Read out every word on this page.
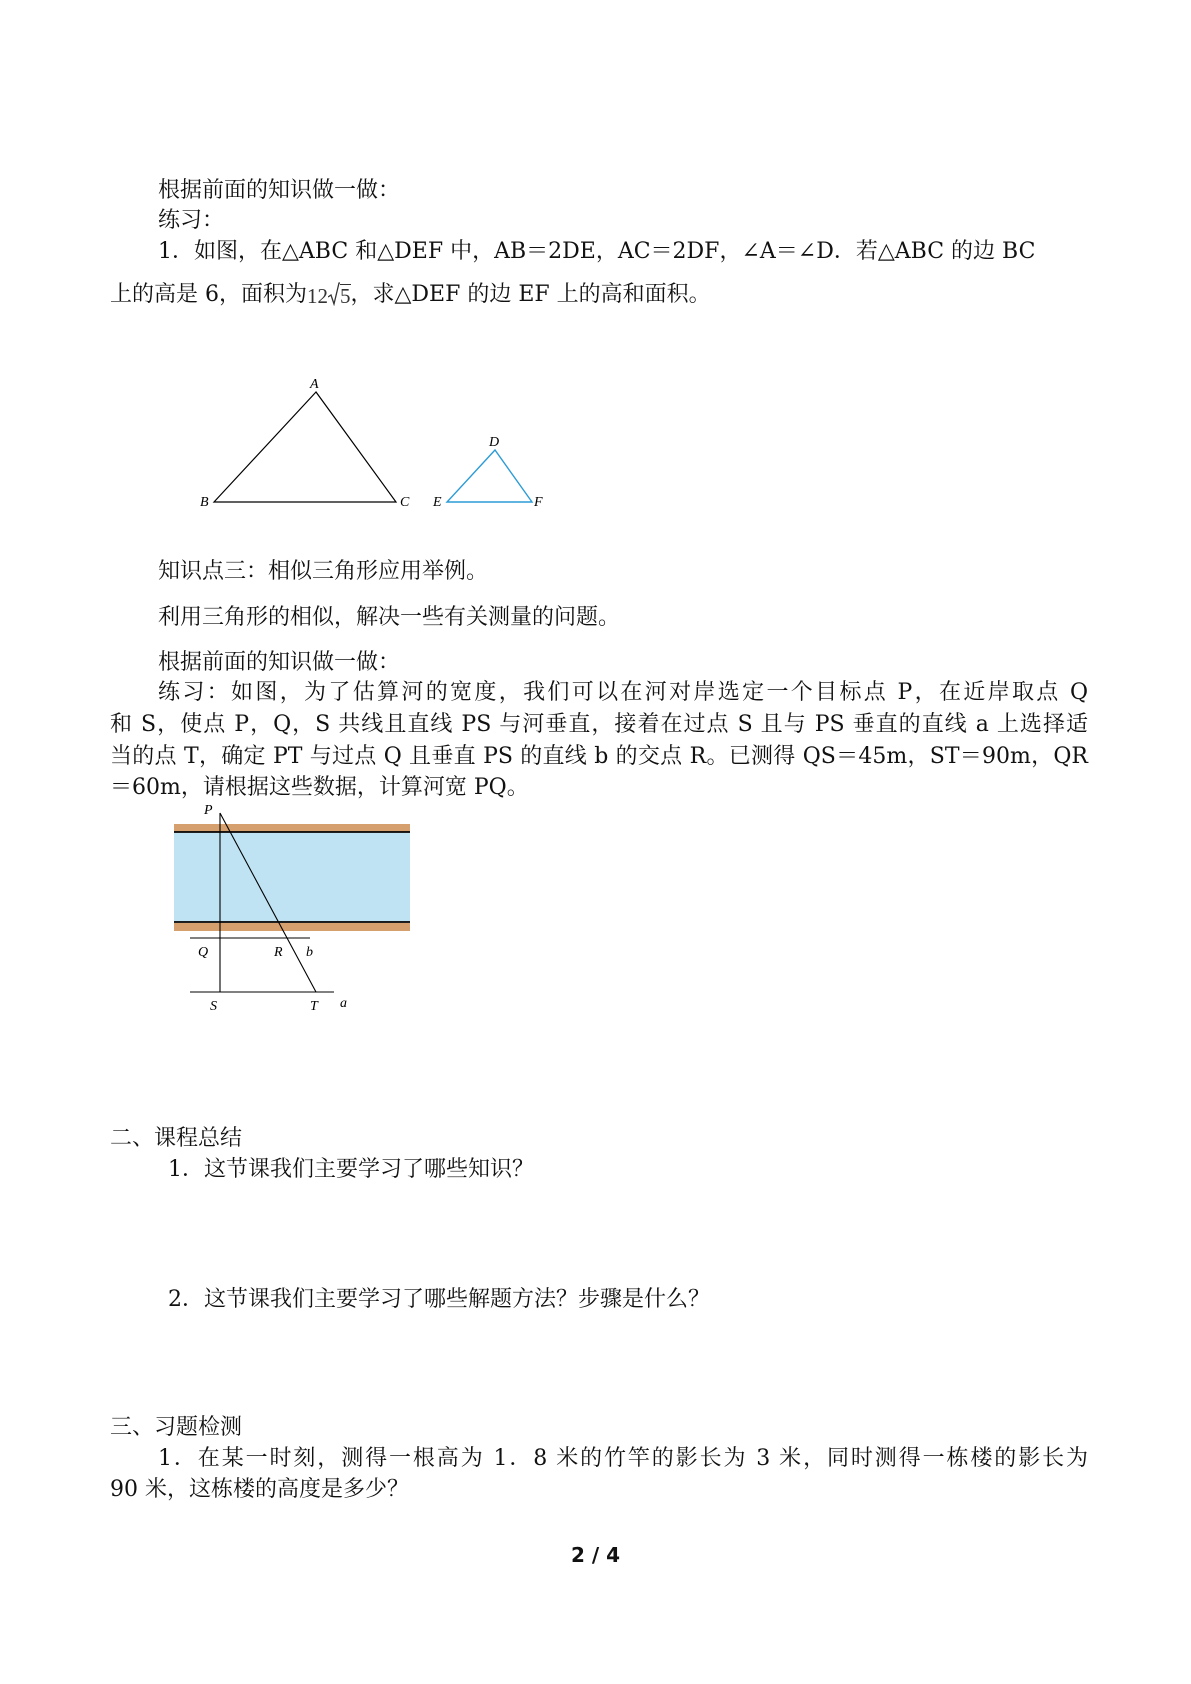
根据前面的知识做一做：
练习：
1．如图，在△ABC 和△DEF 中，AB＝2DE，AC＝2DF，∠A＝∠D．若△ABC 的边 BC
上的高是 6，面积为12 5，求△DEF 的边 EF 上的高和面积。
A
B	C
D
E	F
知识点三：相似三角形应用举例。
利用三角形的相似，解决一些有关测量的问题。
根据前面的知识做一做：
练习：如图，为了估算河的宽度，我们可以在河对岸选定一个目标点 P，在近岸取点 Q
和 S，使点 P，Q，S 共线且直线 PS 与河垂直，接着在过点 S 且与 PS 垂直的直线 a 上选择适
当的点 T，确定 PT 与过点 Q 且垂直 PS 的直线 b 的交点 R。已测得 QS＝45m，ST＝90m，QR
＝60m，请根据这些数据，计算河宽 PQ。
P
Q	R b
S	T a
二、课程总结
1．这节课我们主要学习了哪些知识？
2．这节课我们主要学习了哪些解题方法？步骤是什么？
三、习题检测
1．在某一时刻，测得一根高为 1．8 米的竹竿的影长为 3 米，同时测得一栋楼的影长为
90 米，这栋楼的高度是多少？
2 / 4
